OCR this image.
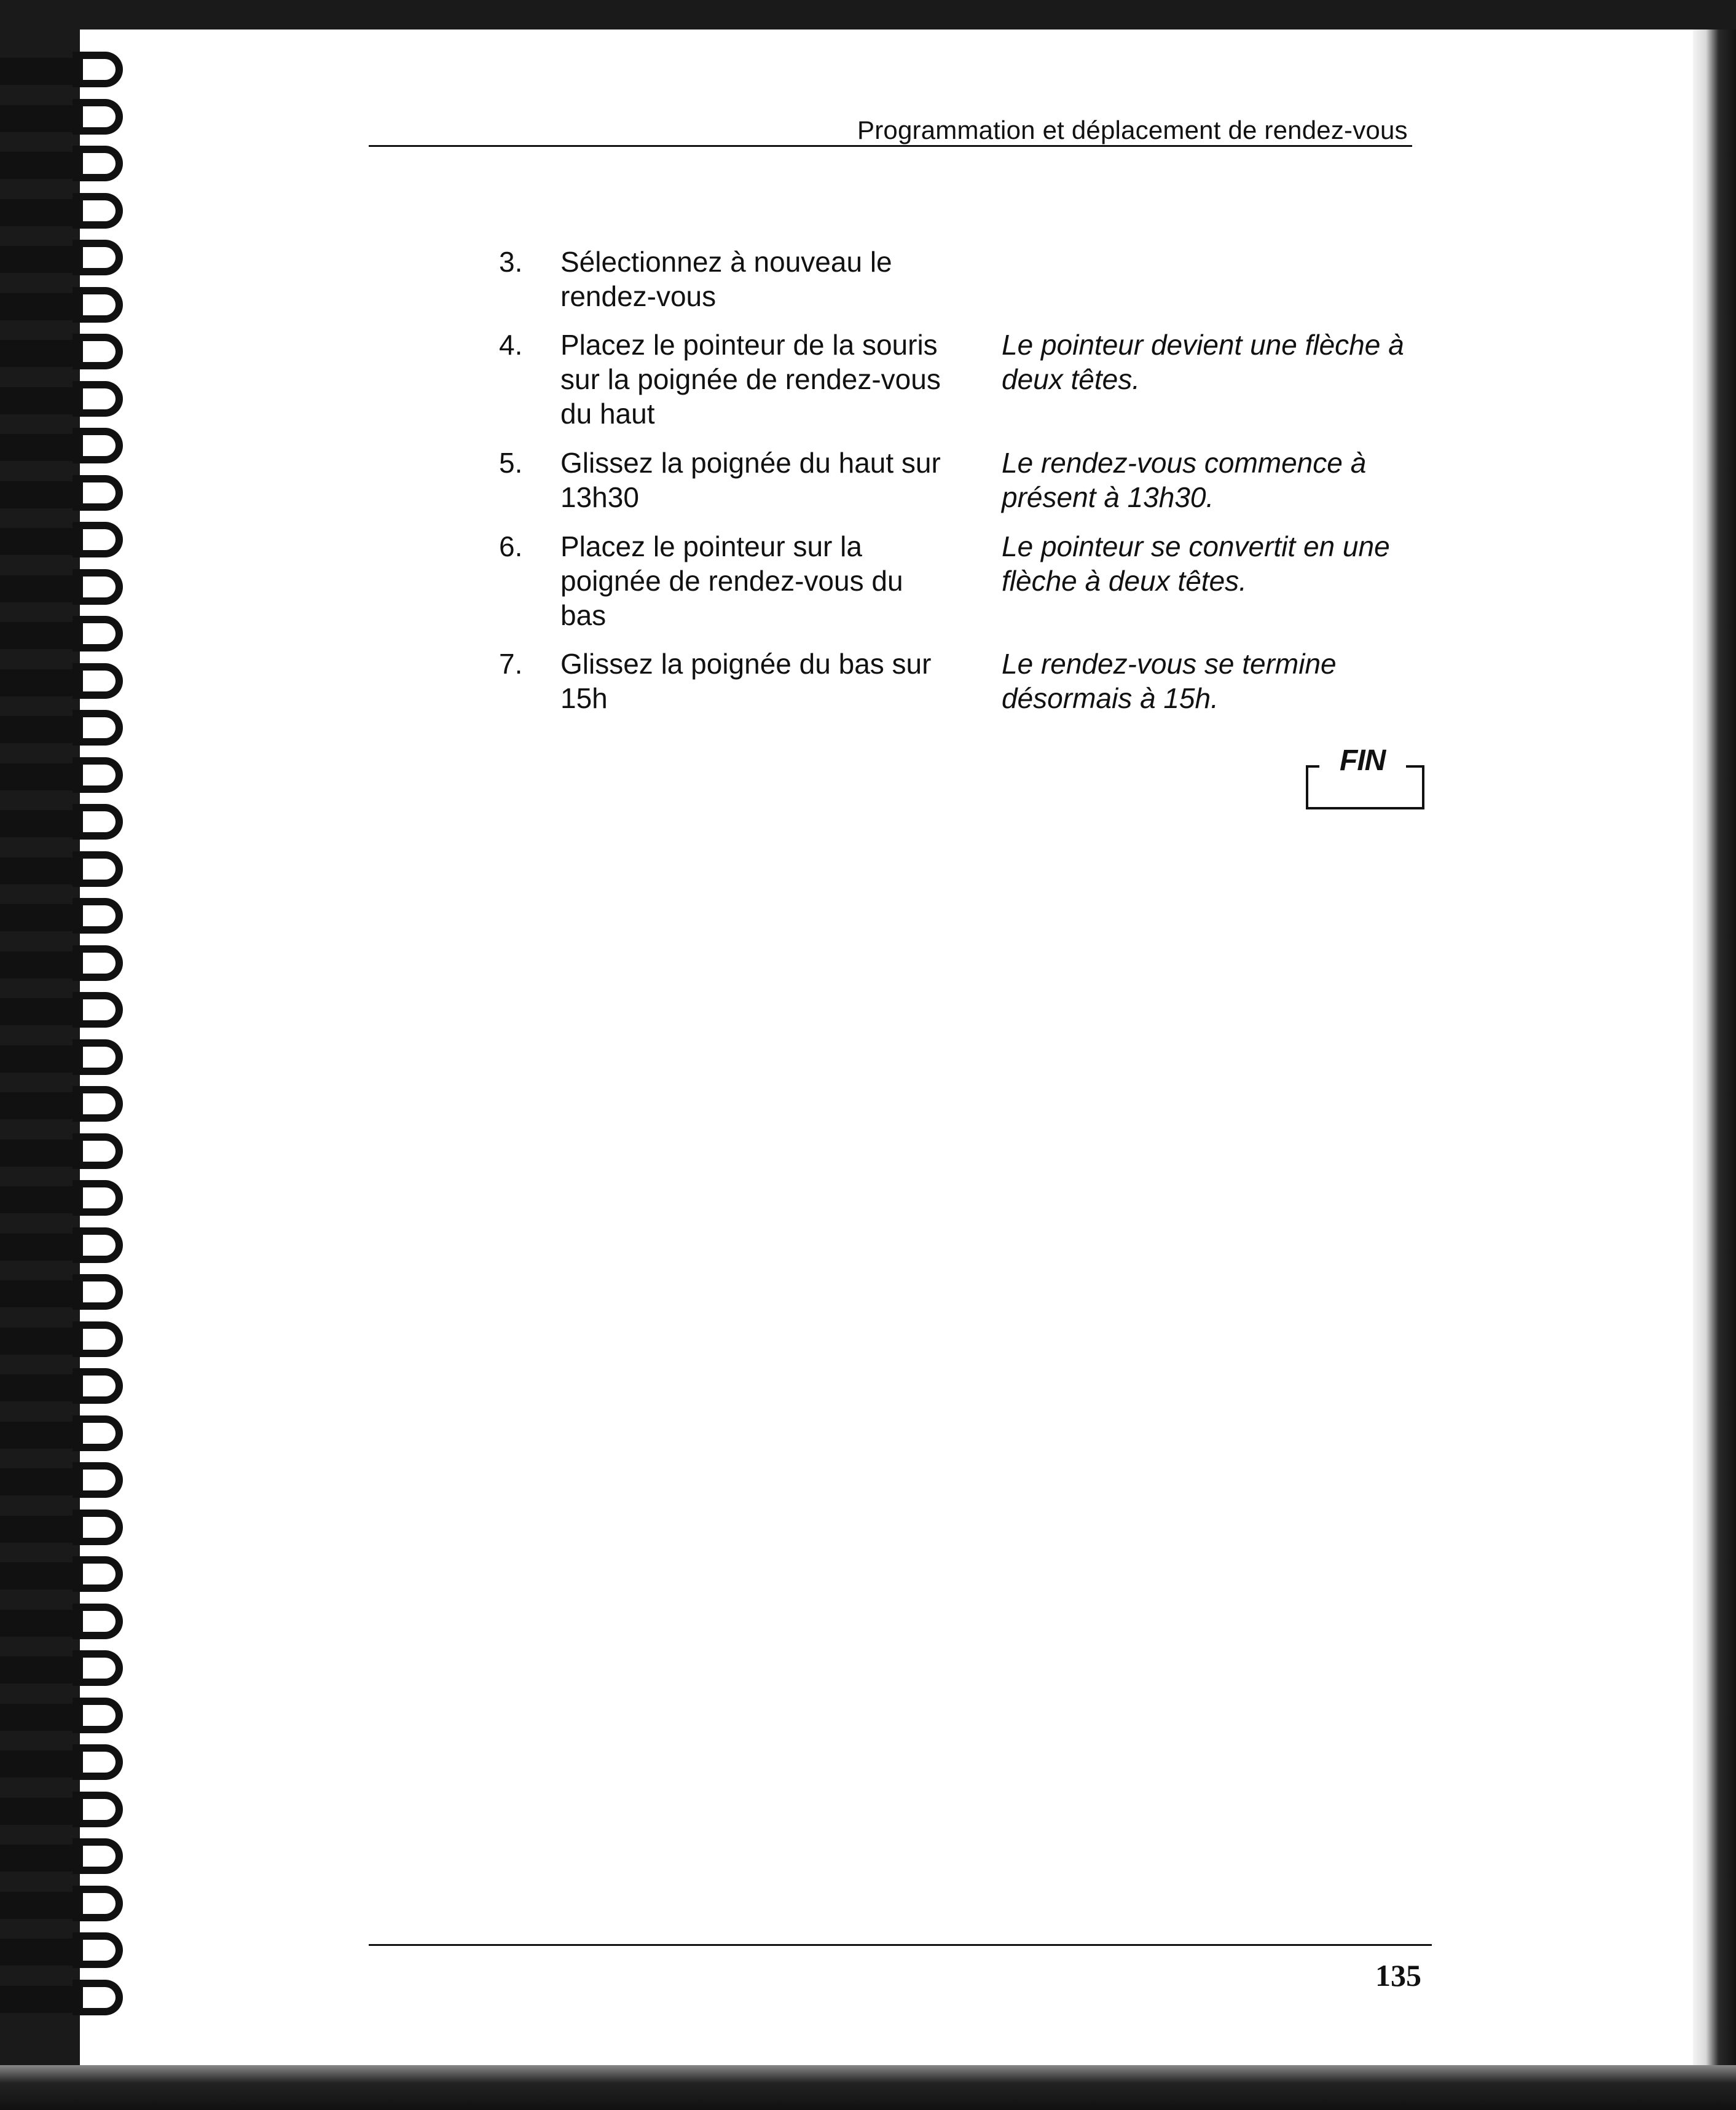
Programmation et déplacement de rendez-vous
3. Sélectionnez à nouveau le
rendez-vous
4. Placez le pointeur de la souris
sur la poignée de rendez-vous
du haut
Le pointeur devient une flèche à
deux têtes.
5. Glissez la poignée du haut sur
13h30
Le rendez-vous commence à
présent à 13h30.
6. Placez le pointeur sur la
poignée de rendez-vous du
bas
Le pointeur se convertit en une
flèche à deux têtes.
7. Glissez la poignée du bas sur
15h
Le rendez-vous se termine
désormais à 15h.
FIN
135
